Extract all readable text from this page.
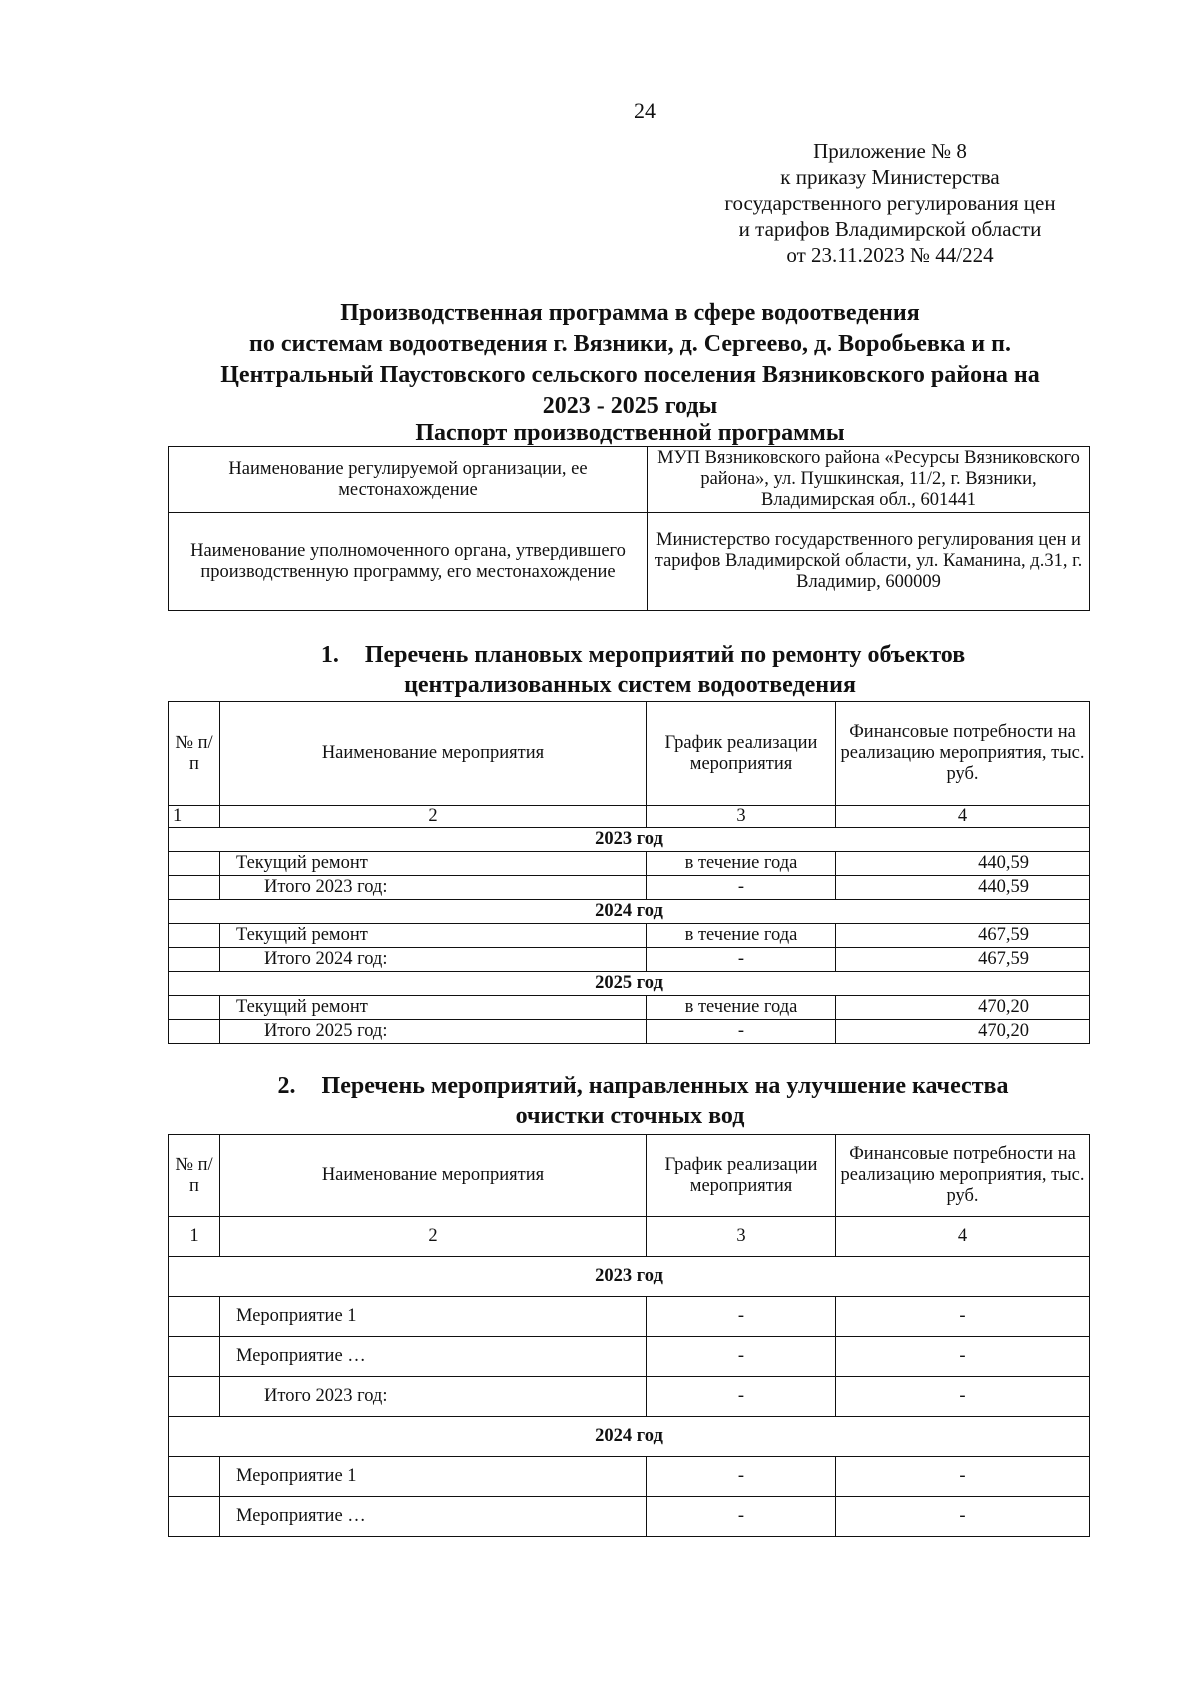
24
Приложение № 8
к приказу Министерства
государственного регулирования цен
и тарифов Владимирской области
от 23.11.2023 № 44/224
Производственная программа в сфере водоотведения
по системам водоотведения г. Вязники, д. Сергеево, д. Воробьевка и п.
Центральный Паустовского сельского поселения Вязниковского района на
2023 - 2025 годы
Паспорт производственной программы
Наименование регулируемой организации, ее местонахождение	МУП Вязниковского района «Ресурсы Вязниковского района», ул. Пушкинская, 11/2, г. Вязники, Владимирская обл., 601441
Наименование уполномоченного органа, утвердившего производственную программу, его местонахождение	Министерство государственного регулирования цен и тарифов Владимирской области, ул. Каманина, д.31, г. Владимир, 600009
1. Перечень плановых мероприятий по ремонту объектов
централизованных систем водоотведения
№ п/п	Наименование мероприятия	График реализации мероприятия	Финансовые потребности на реализацию мероприятия, тыс. руб.
1	2	3	4
2023 год			
	Текущий ремонт	в течение года	440,59
	Итого 2023 год:	-	440,59
2024 год			
	Текущий ремонт	в течение года	467,59
	Итого 2024 год:	-	467,59
2025 год			
	Текущий ремонт	в течение года	470,20
	Итого 2025 год:	-	470,20
2. Перечень мероприятий, направленных на улучшение качества
очистки сточных вод
№ п/п	Наименование мероприятия	График реализации мероприятия	Финансовые потребности на реализацию мероприятия, тыс. руб.
1	2	3	4
2023 год			
	Мероприятие 1	-	-
	Мероприятие …	-	-
	Итого 2023 год:	-	-
2024 год			
	Мероприятие 1	-	-
	Мероприятие …	-	-
